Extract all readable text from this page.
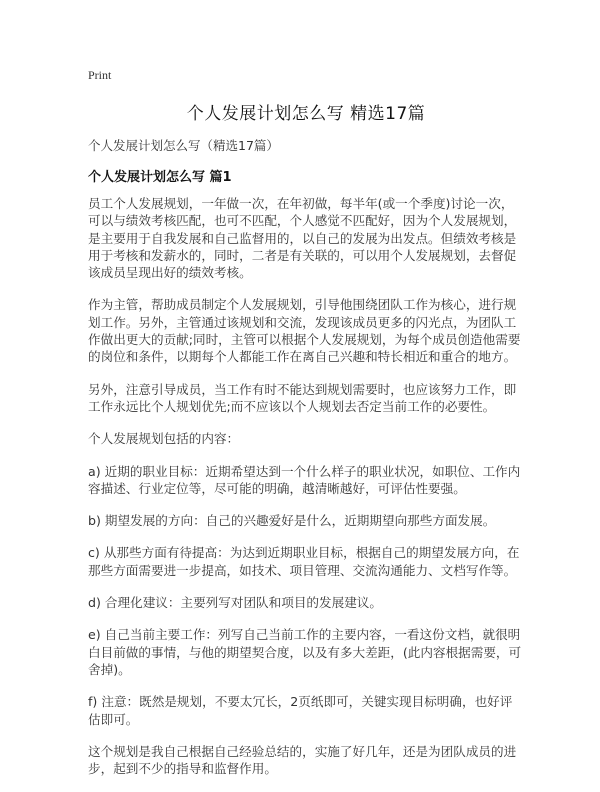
Print
个人发展计划怎么写 精选17篇
个人发展计划怎么写（精选17篇）
个人发展计划怎么写 篇1

员工个人发展规划，一年做一次，在年初做，每半年(或一个季度)讨论一次，可以与绩效考核匹配，也可不匹配，个人感觉不匹配好，因为个人发展规划，是主要用于自我发展和自己监督用的，以自己的发展为出发点。但绩效考核是用于考核和发薪水的，同时，二者是有关联的，可以用个人发展规划，去督促该成员呈现出好的绩效考核。

作为主管，帮助成员制定个人发展规划，引导他围绕团队工作为核心，进行规划工作。另外，主管通过该规划和交流，发现该成员更多的闪光点，为团队工作做出更大的贡献;同时，主管可以根据个人发展规划，为每个成员创造他需要的岗位和条件，以期每个人都能工作在离自己兴趣和特长相近和重合的地方。

另外，注意引导成员，当工作有时不能达到规划需要时，也应该努力工作，即工作永远比个人规划优先;而不应该以个人规划去否定当前工作的必要性。

个人发展规划包括的内容：

a) 近期的职业目标：近期希望达到一个什么样子的职业状况，如职位、工作内容描述、行业定位等，尽可能的明确，越清晰越好，可评估性要强。

b) 期望发展的方向：自己的兴趣爱好是什么，近期期望向那些方面发展。

c) 从那些方面有待提高：为达到近期职业目标，根据自己的期望发展方向，在那些方面需要进一步提高，如技术、项目管理、交流沟通能力、文档写作等。

d) 合理化建议：主要列写对团队和项目的发展建议。

e) 自己当前主要工作：列写自己当前工作的主要内容，一看这份文档，就很明白目前做的事情，与他的期望契合度，以及有多大差距，(此内容根据需要，可舍掉)。

f) 注意：既然是规划，不要太冗长，2页纸即可，关键实现目标明确，也好评估即可。

这个规划是我自己根据自己经验总结的，实施了好几年，还是为团队成员的进步，起到不少的指导和监督作用。
